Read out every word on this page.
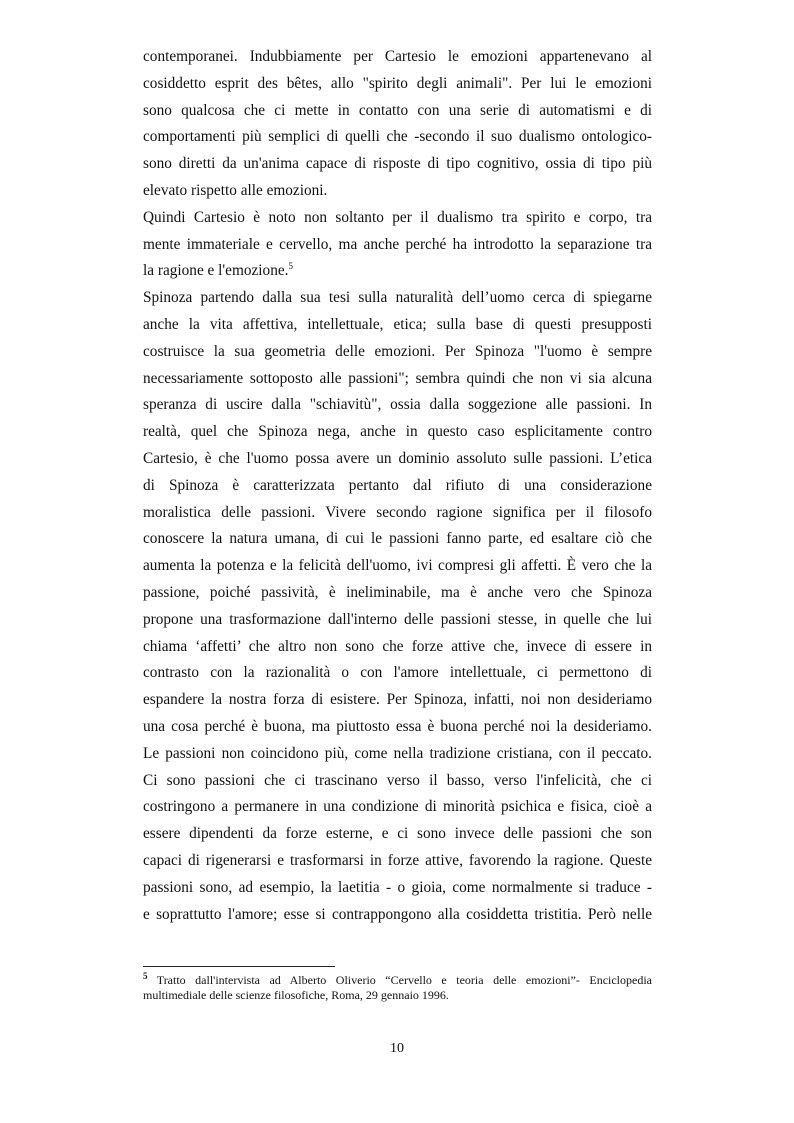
contemporanei. Indubbiamente per Cartesio le emozioni appartenevano al
cosiddetto esprit des bêtes, allo "spirito degli animali". Per lui le emozioni
sono qualcosa che ci mette in contatto con una serie di automatismi e di
comportamenti più semplici di quelli che -secondo il suo dualismo ontologico-
sono diretti da un'anima capace di risposte di tipo cognitivo, ossia di tipo più
elevato rispetto alle emozioni.
Quindi Cartesio è noto non soltanto per il dualismo tra spirito e corpo, tra
mente immateriale e cervello, ma anche perché ha introdotto la separazione tra
la ragione e l'emozione.$^5$
Spinoza partendo dalla sua tesi sulla naturalità dell’uomo cerca di spiegarne
anche la vita affettiva, intellettuale, etica; sulla base di questi presupposti
costruisce la sua geometria delle emozioni. Per Spinoza "l'uomo è sempre
necessariamente sottoposto alle passioni"; sembra quindi che non vi sia alcuna
speranza di uscire dalla "schiavitù", ossia dalla soggezione alle passioni. In
realtà, quel che Spinoza nega, anche in questo caso esplicitamente contro
Cartesio, è che l'uomo possa avere un dominio assoluto sulle passioni. L’etica
di Spinoza è caratterizzata pertanto dal rifiuto di una considerazione
moralistica delle passioni. Vivere secondo ragione significa per il filosofo
conoscere la natura umana, di cui le passioni fanno parte, ed esaltare ciò che
aumenta la potenza e la felicità dell'uomo, ivi compresi gli affetti. È vero che la
passione, poiché passività, è ineliminabile, ma è anche vero che Spinoza
propone una trasformazione dall'interno delle passioni stesse, in quelle che lui
chiama ‘affetti’ che altro non sono che forze attive che, invece di essere in
contrasto con la razionalità o con l'amore intellettuale, ci permettono di
espandere la nostra forza di esistere. Per Spinoza, infatti, noi non desideriamo
una cosa perché è buona, ma piuttosto essa è buona perché noi la desideriamo.
Le passioni non coincidono più, come nella tradizione cristiana, con il peccato.
Ci sono passioni che ci trascinano verso il basso, verso l'infelicità, che ci
costringono a permanere in una condizione di minorità psichica e fisica, cioè a
essere dipendenti da forze esterne, e ci sono invece delle passioni che son
capaci di rigenerarsi e trasformarsi in forze attive, favorendo la ragione. Queste
passioni sono, ad esempio, la laetitia - o gioia, come normalmente si traduce -
e soprattutto l'amore; esse si contrappongono alla cosiddetta tristitia. Però nelle
$^5$ Tratto dall'intervista ad Alberto Oliverio “Cervello e teoria delle emozioni”- Enciclopedia
multimediale delle scienze filosofiche, Roma, 29 gennaio 1996.
10
